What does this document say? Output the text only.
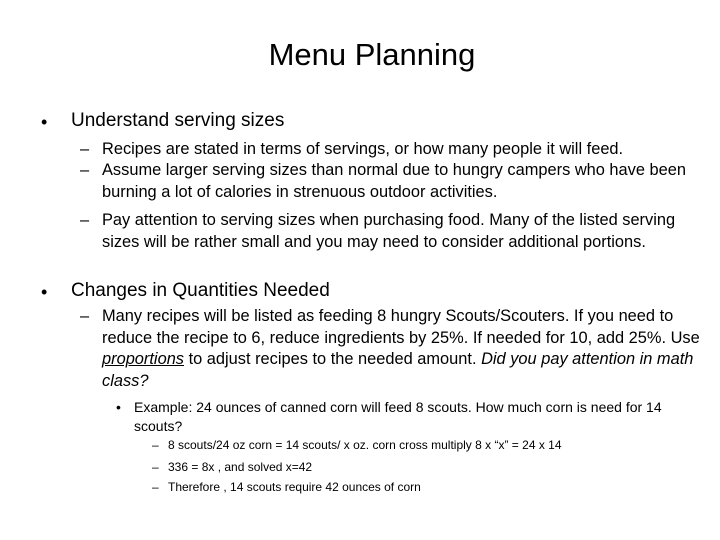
Menu Planning
• Understand serving sizes
– Recipes are stated in terms of servings, or how many people it will feed.
– Assume larger serving sizes than normal due to hungry campers who have been burning a lot of calories in strenuous outdoor activities.
– Pay attention to serving sizes when purchasing food. Many of the listed serving sizes will be rather small and you may need to consider additional portions.
• Changes in Quantities Needed
– Many recipes will be listed as feeding 8 hungry Scouts/Scouters. If you need to reduce the recipe to 6, reduce ingredients by 25%. If needed for 10, add 25%. Use proportions to adjust recipes to the needed amount. Did you pay attention in math class?
• Example: 24 ounces of canned corn will feed 8 scouts. How much corn is need for 14 scouts?
– 8 scouts/24 oz corn = 14 scouts/ x oz. corn cross multiply 8 x “x” = 24 x 14
– 336 = 8x , and solved x=42
– Therefore , 14 scouts require 42 ounces of corn
